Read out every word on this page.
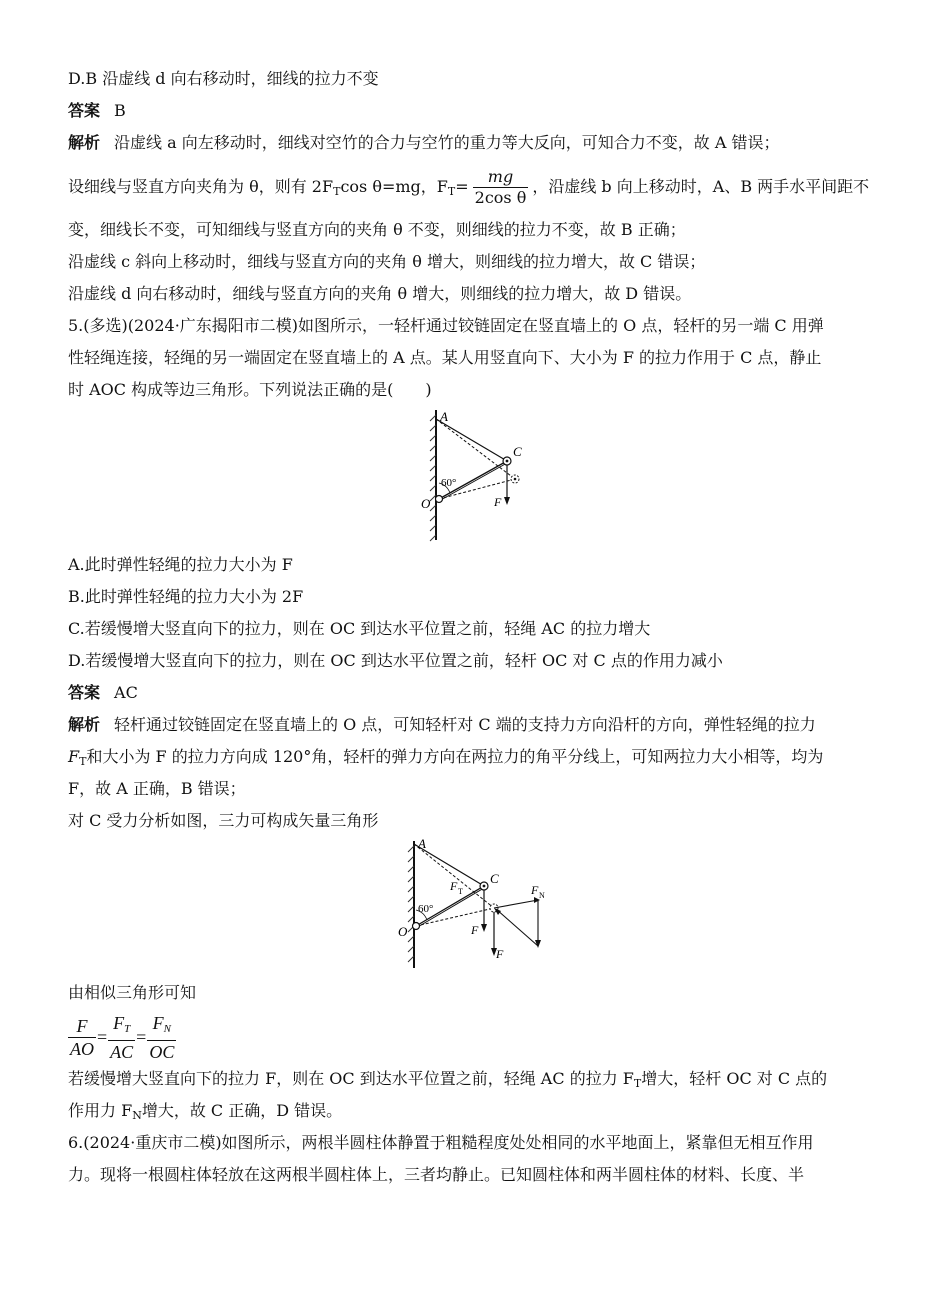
D.B 沿虚线 d 向右移动时，细线的拉力不变
答案 B
解析 沿虚线 a 向左移动时，细线对空竹的合力与空竹的重力等大反向，可知合力不变，故 A 错误；
设细线与竖直方向夹角为 θ，则有 $2F_T\cos$ θ=mg，$F_T= \frac{mg}{\text{2cos θ}}$ ，沿虚线 b 向上移动时，A、B 两手水平间距不
变，细线长不变，可知细线与竖直方向的夹角 θ 不变，则细线的拉力不变，故 B 正确；
沿虚线 c 斜向上移动时，细线与竖直方向的夹角 θ 增大，则细线的拉力增大，故 C 错误；
沿虚线 d 向右移动时，细线与竖直方向的夹角 θ 增大，则细线的拉力增大，故 D 错误。
5.(多选)(2024·广东揭阳市二模)如图所示，一轻杆通过铰链固定在竖直墙上的 O 点，轻杆的另一端 C 用弹
性轻绳连接，轻绳的另一端固定在竖直墙上的 A 点。某人用竖直向下、大小为 F 的拉力作用于 C 点，静止
时 AOC 构成等边三角形。下列说法正确的是(　　)
A
C
O	F
60°
A.此时弹性轻绳的拉力大小为 F
B.此时弹性轻绳的拉力大小为 2F
C.若缓慢增大竖直向下的拉力，则在 OC 到达水平位置之前，轻绳 AC 的拉力增大
D.若缓慢增大竖直向下的拉力，则在 OC 到达水平位置之前，轻杆 OC 对 C 点的作用力减小
答案 AC
解析 轻杆通过铰链固定在竖直墙上的 O 点，可知轻杆对 C 端的支持力方向沿杆的方向，弹性轻绳的拉力
$F_T$和大小为 F 的拉力方向成 120°角，轻杆的弹力方向在两拉力的角平分线上，可知两拉力大小相等，均为
F，故 A 正确，B 错误；
对 C 受力分析如图，三力可构成矢量三角形
A
C
O
60°
F T	F N
F
F
由相似三角形可知
$\frac{F}{AO} = \frac{F_T}{AC} = \frac{F_N}{OC}$
若缓慢增大竖直向下的拉力 F，则在 OC 到达水平位置之前，轻绳 AC 的拉力 $F_T$增大，轻杆 OC 对 C 点的
作用力 $F_N$增大，故 C 正确，D 错误。
6.(2024·重庆市二模)如图所示，两根半圆柱体静置于粗糙程度处处相同的水平地面上，紧靠但无相互作用
力。现将一根圆柱体轻放在这两根半圆柱体上，三者均静止。已知圆柱体和两半圆柱体的材料、长度、半
